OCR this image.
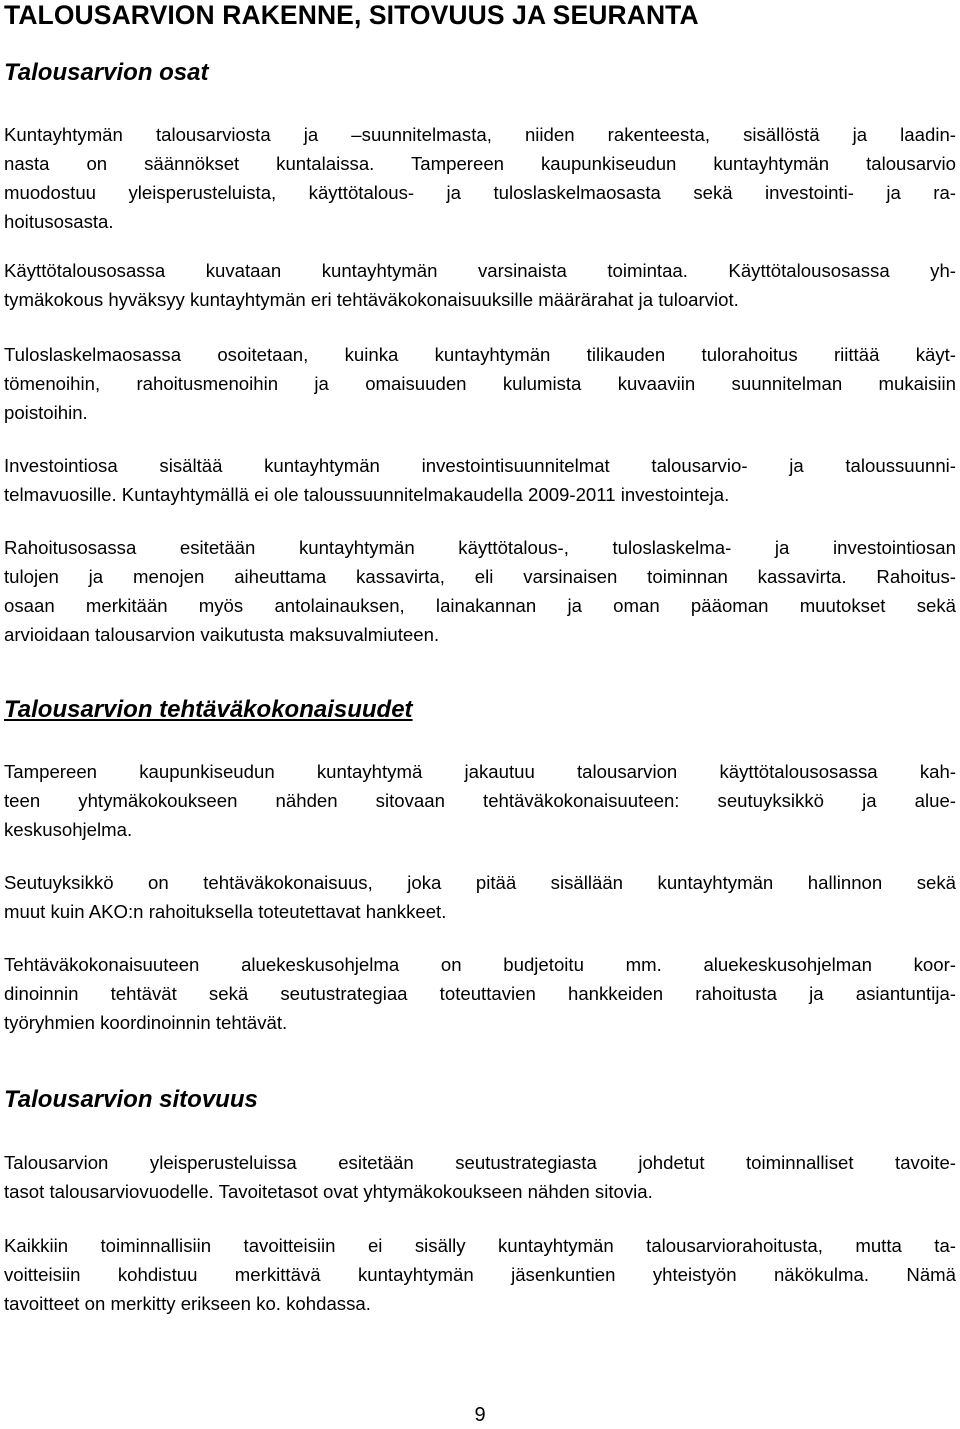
TALOUSARVION RAKENNE, SITOVUUS JA SEURANTA
Talousarvion osat
Kuntayhtymän talousarviosta ja –suunnitelmasta, niiden rakenteesta, sisällöstä ja laadin-
nasta on säännökset kuntalaissa. Tampereen kaupunkiseudun kuntayhtymän talousarvio
muodostuu yleisperusteluista, käyttötalous- ja tuloslaskelmaosasta sekä investointi- ja ra-
hoitusosasta.
Käyttötalousosassa kuvataan kuntayhtymän varsinaista toimintaa. Käyttötalousosassa yh-
tymäkokous hyväksyy kuntayhtymän eri tehtäväkokonaisuuksille määrärahat ja tuloarviot.
Tuloslaskelmaosassa osoitetaan, kuinka kuntayhtymän tilikauden tulorahoitus riittää käyt-
tömenoihin, rahoitusmenoihin ja omaisuuden kulumista kuvaaviin suunnitelman mukaisiin
poistoihin.
Investointiosa sisältää kuntayhtymän investointisuunnitelmat talousarvio- ja taloussuunni-
telmavuosille. Kuntayhtymällä ei ole taloussuunnitelmakaudella 2009-2011 investointeja.
Rahoitusosassa esitetään kuntayhtymän käyttötalous-, tuloslaskelma- ja investointiosan
tulojen ja menojen aiheuttama kassavirta, eli varsinaisen toiminnan kassavirta. Rahoitus-
osaan merkitään myös antolainauksen, lainakannan ja oman pääoman muutokset sekä
arvioidaan talousarvion vaikutusta maksuvalmiuteen.
Talousarvion tehtäväkokonaisuudet
Tampereen kaupunkiseudun kuntayhtymä jakautuu talousarvion käyttötalousosassa kah-
teen yhtymäkokoukseen nähden sitovaan tehtäväkokonaisuuteen: seutuyksikkö ja alue-
keskusohjelma.
Seutuyksikkö on tehtäväkokonaisuus, joka pitää sisällään kuntayhtymän hallinnon sekä
muut kuin AKO:n rahoituksella toteutettavat hankkeet.
Tehtäväkokonaisuuteen aluekeskusohjelma on budjetoitu mm. aluekeskusohjelman koor-
dinoinnin tehtävät sekä seutustrategiaa toteuttavien hankkeiden rahoitusta ja asiantuntija-
työryhmien koordinoinnin tehtävät.
Talousarvion sitovuus
Talousarvion yleisperusteluissa esitetään seutustrategiasta johdetut toiminnalliset tavoite-
tasot talousarviovuodelle. Tavoitetasot ovat yhtymäkokoukseen nähden sitovia.
Kaikkiin toiminnallisiin tavoitteisiin ei sisälly kuntayhtymän talousarviorahoitusta, mutta ta-
voitteisiin kohdistuu merkittävä kuntayhtymän jäsenkuntien yhteistyön näkökulma. Nämä
tavoitteet on merkitty erikseen ko. kohdassa.
9
